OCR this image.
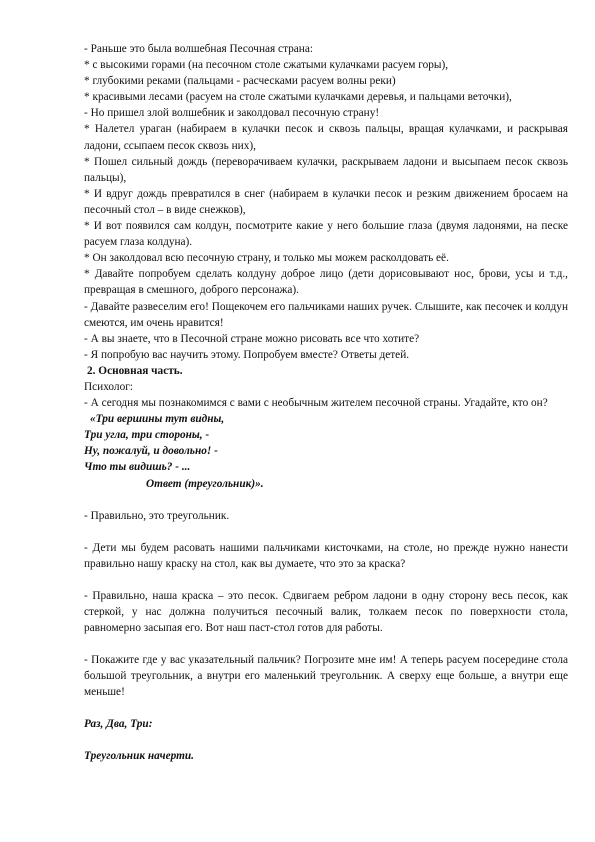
- Раньше это была волшебная Песочная страна:

* с высокими горами (на песочном столе сжатыми кулачками расуем горы),

* глубокими реками (пальцами - расческами расуем волны реки)

* красивыми лесами (расуем на столе сжатыми кулачками деревья, и пальцами веточки),

- Но пришел злой волшебник и заколдовал песочную страну!

* Налетел ураган (набираем в кулачки песок и сквозь пальцы, вращая кулачками, и раскрывая ладони, ссыпаем песок сквозь них),

* Пошел сильный дождь (переворачиваем кулачки, раскрываем ладони и высыпаем песок сквозь пальцы),

* И вдруг дождь превратился в снег (набираем в кулачки песок и резким движением бросаем на песочный стол – в виде снежков),

* И вот появился сам колдун, посмотрите какие у него большие глаза (двумя ладонями, на песке расуем глаза колдуна).

* Он заколдовал всю песочную страну, и только мы можем расколдовать её.

* Давайте попробуем сделать колдуну доброе лицо (дети дорисовывают нос, брови, усы и т.д., превращая в смешного, доброго персонажа).

- Давайте развеселим его! Пощекочем его пальчиками наших ручек. Слышите, как песочек и колдун смеются, им очень нравится!

- А вы знаете, что в Песочной стране можно рисовать все что хотите?

- Я попробую вас научить этому. Попробуем вместе? Ответы детей.

2. Основная часть.

Психолог:

- А сегодня мы познакомимся с вами с необычным жителем песочной страны. Угадайте, кто он?

«Три вершины тут видны,

Три угла, три стороны, -

Ну, пожалуй, и довольно! -

Что ты видишь? - ...

Ответ (треугольник)».

- Правильно, это треугольник.

- Дети мы будем расовать нашими пальчиками кисточками, на столе, но прежде нужно нанести правильно нашу краску на стол, как вы думаете, что это за краска?

- Правильно, наша краска – это песок. Сдвигаем ребром ладони в одну сторону весь песок, как стеркой, у нас должна получиться песочный валик, толкаем песок по поверхности стола, равномерно засыпая его. Вот наш паст-стол готов для работы.

- Покажите где у вас указательный пальчик? Погрозите мне им! А теперь расуем посередине стола большой треугольник, а внутри его маленький треугольник. А сверху еще больше, а внутри еще меньше!

Раз, Два, Три:

Треугольник начерти.
